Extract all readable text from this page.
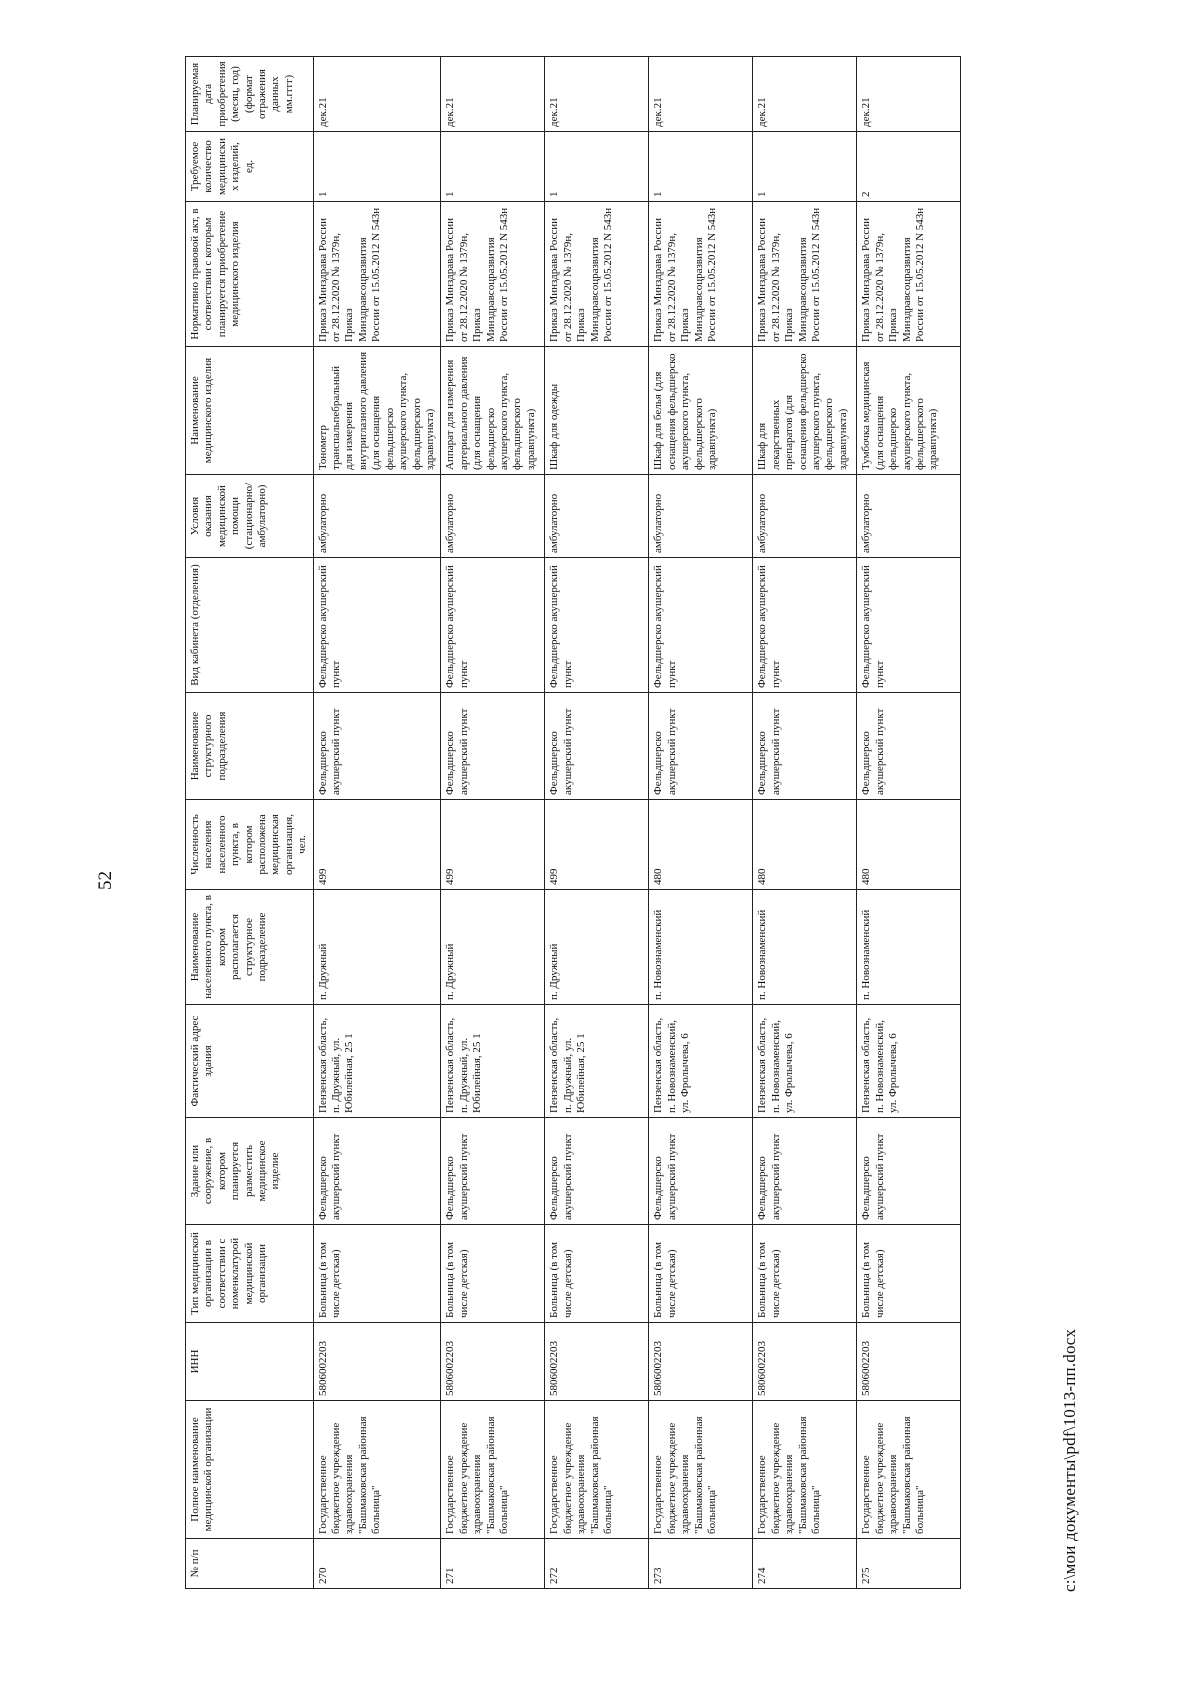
52
№ п/п	Полное наименование медицинской организации	ИНН	Тип медицинской организации в соответствии с номенклатурой медицинской организации	Здание или сооружение, в котором планируется разместить медицинское изделие	Фактический адрес здания	Наименование населенного пункта, в котором располагается структурное подразделение	Численность населения населенного пункта, в котором расположена медицинская организация, чел.	Наименование структурного подразделения	Вид кабинета (отделения)	Условия оказания медицинской помощи (стационарно/ амбулаторно)	Наименование медицинского изделия	Нормативно правовой акт, в соответствии с которым планируется приобретение медицинского изделия	Требуемое количество медицинских изделий, ед.	Планируемая дата приобретения (месяц, год) (формат отражения данных мм.гггг)
270	Государственное бюджетное учреждение здравоохранения "Башмаковская районная больница"	5806002203	Больница (в том числе детская)	Фельдшерско акушерский пункт	Пензенская область, п. Дружный, ул. Юбилейная, 25 1	п. Дружный	499	Фельдшерско акушерский пункт	Фельдшерско акушерский пункт	амбулаторно	Тонометр транспальпебральный для измерения внутриглазного давления (для оснащения фельдшерско акушерского пункта, фельдшерского здравпункта)	Приказ Минздрава России от 28.12.2020 № 1379н, Приказ Минздравсоцразвития России от 15.05.2012 N 543н	1	дек.21
271	Государственное бюджетное учреждение здравоохранения "Башмаковская районная больница"	5806002203	Больница (в том числе детская)	Фельдшерско акушерский пункт	Пензенская область, п. Дружный, ул. Юбилейная, 25 1	п. Дружный	499	Фельдшерско акушерский пункт	Фельдшерско акушерский пункт	амбулаторно	Аппарат для измерения артериального давления (для оснащения фельдшерско акушерского пункта, фельдшерского здравпункта)	Приказ Минздрава России от 28.12.2020 № 1379н, Приказ Минздравсоцразвития России от 15.05.2012 N 543н	1	дек.21
272	Государственное бюджетное учреждение здравоохранения "Башмаковская районная больница"	5806002203	Больница (в том числе детская)	Фельдшерско акушерский пункт	Пензенская область, п. Дружный, ул. Юбилейная, 25 1	п. Дружный	499	Фельдшерско акушерский пункт	Фельдшерско акушерский пункт	амбулаторно	Шкаф для одежды	Приказ Минздрава России от 28.12.2020 № 1379н, Приказ Минздравсоцразвития России от 15.05.2012 N 543н	1	дек.21
273	Государственное бюджетное учреждение здравоохранения "Башмаковская районная больница"	5806002203	Больница (в том числе детская)	Фельдшерско акушерский пункт	Пензенская область, п. Новознаменский, ул. Фролычева, 6	п. Новознаменский	480	Фельдшерско акушерский пункт	Фельдшерско акушерский пункт	амбулаторно	Шкаф для белья (для оснащения фельдшерско акушерского пункта, фельдшерского здравпункта)	Приказ Минздрава России от 28.12.2020 № 1379н, Приказ Минздравсоцразвития России от 15.05.2012 N 543н	1	дек.21
274	Государственное бюджетное учреждение здравоохранения "Башмаковская районная больница"	5806002203	Больница (в том числе детская)	Фельдшерско акушерский пункт	Пензенская область, п. Новознаменский, ул. Фролычева, 6	п. Новознаменский	480	Фельдшерско акушерский пункт	Фельдшерско акушерский пункт	амбулаторно	Шкаф для лекарственных препаратов (для оснащения фельдшерско акушерского пункта, фельдшерского здравпункта)	Приказ Минздрава России от 28.12.2020 № 1379н, Приказ Минздравсоцразвития России от 15.05.2012 N 543н	1	дек.21
275	Государственное бюджетное учреждение здравоохранения "Башмаковская районная больница"	5806002203	Больница (в том числе детская)	Фельдшерско акушерский пункт	Пензенская область, п. Новознаменский, ул. Фролычева, 6	п. Новознаменский	480	Фельдшерско акушерский пункт	Фельдшерско акушерский пункт	амбулаторно	Тумбочка медицинская (для оснащения фельдшерско акушерского пункта, фельдшерского здравпункта)	Приказ Минздрава России от 28.12.2020 № 1379н, Приказ Минздравсоцразвития России от 15.05.2012 N 543н	2	дек.21
c:\мои документы\pdf\1013-пп.docx
